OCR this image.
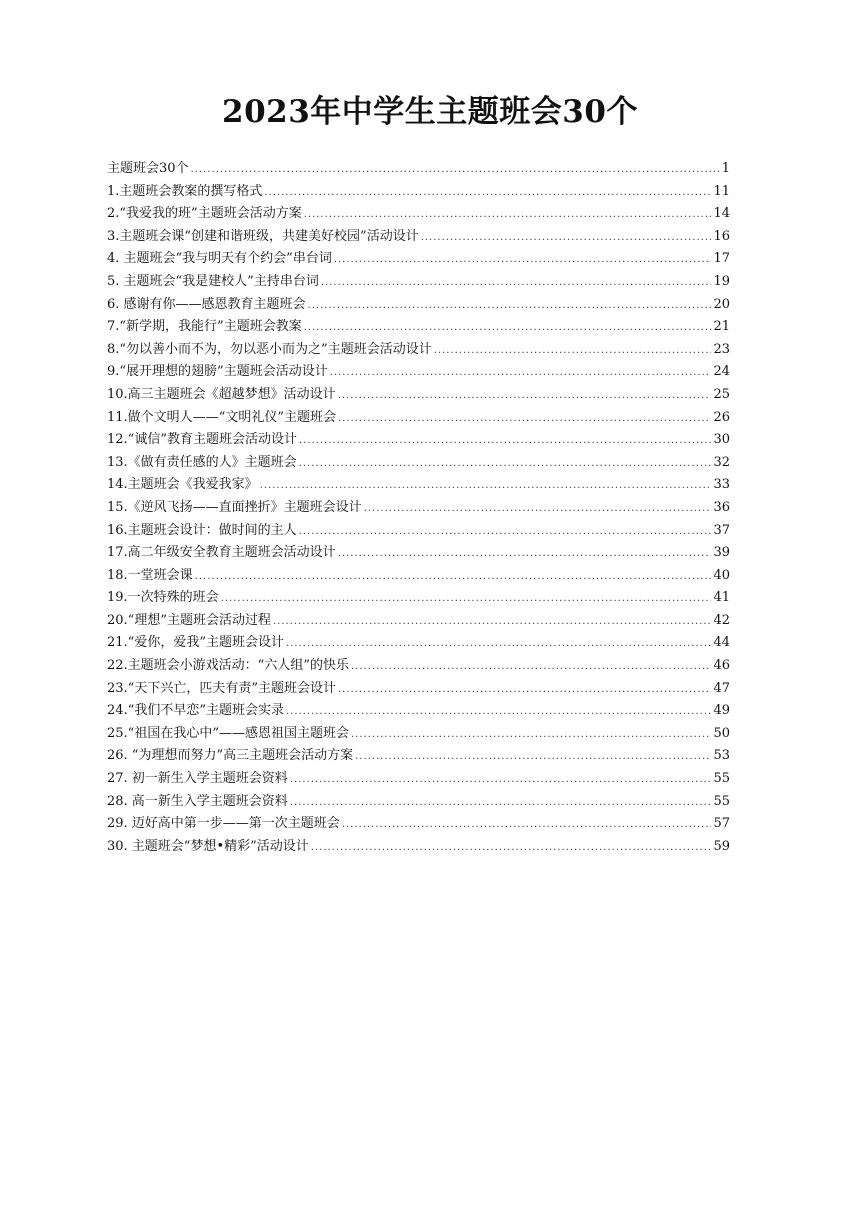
2023年中学生主题班会30个
主题班会30个 .....	1
1.主题班会教案的撰写格式 .....	11
2.“我爱我的班”主题班会活动方案 .....	14
3.主题班会课“创建和谐班级，共建美好校园”活动设计 .....	16
4. 主题班会“我与明天有个约会”串台词 .....	17
5. 主题班会“我是建校人”主持串台词 .....	19
6. 感谢有你——感恩教育主题班会 .....	20
7.“新学期，我能行”主题班会教案 .....	21
8.“勿以善小而不为，勿以恶小而为之”主题班会活动设计 .....	23
9.“展开理想的翅膀”主题班会活动设计 .....	24
10.高三主题班会《超越梦想》活动设计 .....	25
11.做个文明人——“文明礼仪”主题班会 .....	26
12.“诚信”教育主题班会活动设计 .....	30
13.《做有责任感的人》主题班会 .....	32
14.主题班会《我爱我家》 .....	33
15.《逆风飞扬——直面挫折》主题班会设计 .....	36
16.主题班会设计：做时间的主人 .....	37
17.高二年级安全教育主题班会活动设计 .....	39
18.一堂班会课 .....	40
19.一次特殊的班会 .....	41
20.“理想”主题班会活动过程 .....	42
21.“爱你，爱我”主题班会设计 .....	44
22.主题班会小游戏活动：“六人组”的快乐 .....	46
23.“天下兴亡，匹夫有责”主题班会设计 .....	47
24.“我们不早恋”主题班会实录 .....	49
25.“祖国在我心中”——感恩祖国主题班会 .....	50
26. “为理想而努力”高三主题班会活动方案 .....	53
27. 初一新生入学主题班会资料 .....	55
28. 高一新生入学主题班会资料 .....	55
29. 迈好高中第一步——第一次主题班会 .....	57
30. 主题班会“梦想•精彩”活动设计 .....	59
